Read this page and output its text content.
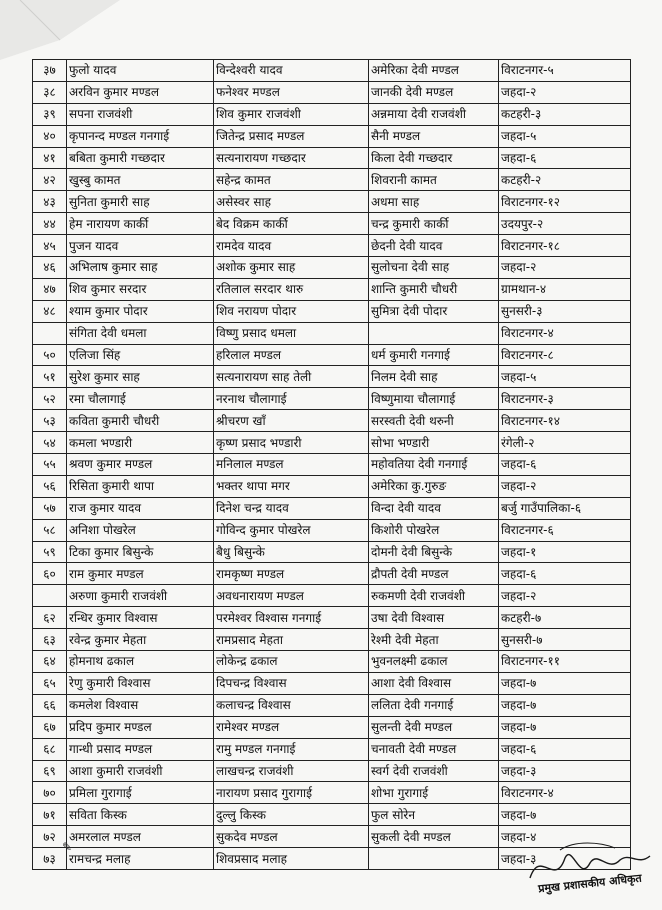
३७	फुलो यादव	विन्देश्वरी यादव	अमेरिका देवी मण्डल	विराटनगर-५
३८	अरविन कुमार मण्डल	फनेश्वर मण्डल	जानकी देवी मण्डल	जहदा-२
३९	सपना राजवंशी	शिव कुमार राजवंशी	अन्नमाया देवी राजवंशी	कटहरी-३
४०	कृपानन्द मण्डल गनगाई	जितेन्द्र प्रसाद मण्डल	सैनी मण्डल	जहदा-५
४१	बबिता कुमारी गच्छदार	सत्यनारायण गच्छदार	किला देवी गच्छदार	जहदा-६
४२	खुस्बु कामत	सहेन्द्र कामत	शिवरानी कामत	कटहरी-२
४३	सुनिता कुमारी साह	असेस्वर साह	अधमा साह	विराटनगर-१२
४४	हेम नारायण कार्की	बेद विक्रम कार्की	चन्द्र कुमारी कार्की	उदयपुर-२
४५	पुजन यादव	रामदेव यादव	छेदनी देवी यादव	विराटनगर-१८
४६	अभिलाष कुमार साह	अशोक कुमार साह	सुलोचना देवी साह	जहदा-२
४७	शिव कुमार सरदार	रतिलाल सरदार थारु	शान्ति कुमारी चौधरी	ग्रामथान-४
४८	श्याम कुमार पोदार	शिव नरायण पोदार	सुमित्रा देवी पोदार	सुनसरी-३
	संगिता देवी धमला	विष्णु प्रसाद धमला		विराटनगर-४
५०	एलिजा सिंह	हरिलाल मण्डल	धर्म कुमारी गनगाई	विराटनगर-८
५१	सुरेश कुमार साह	सत्यनारायण साह तेली	निलम देवी साह	जहदा-५
५२	रमा चौलागाई	नरनाथ चौलागाई	विष्णुमाया चौलागाई	विराटनगर-३
५३	कविता कुमारी चौधरी	श्रीचरण खाँ	सरस्वती देवी थरुनी	विराटनगर-१४
५४	कमला भण्डारी	कृष्ण प्रसाद भण्डारी	सोभा भण्डारी	रंगेली-२
५५	श्रवण कुमार मण्डल	मनिलाल मण्डल	महोवतिया देवी गनगाई	जहदा-६
५६	रिसिता कुमारी थापा	भक्तर थापा मगर	अमेरिका कु.गुरुङ	जहदा-२
५७	राज कुमार यादव	दिनेश चन्द्र यादव	विन्दा देवी यादव	बर्जु गाउँपालिका-६
५८	अनिशा पोखरेल	गोविन्द कुमार पोखरेल	किशोरी पोखरेल	विराटनगर-६
५९	टिका कुमार बिसुन्के	बैधु बिसुन्के	दोमनी देवी बिसुन्के	जहदा-१
६०	राम कुमार मण्डल	रामकृष्ण मण्डल	द्रौपती देवी मण्डल	जहदा-६
	अरुणा कुमारी राजवंशी	अवधनारायण मण्डल	रुकमणी देवी राजवंशी	जहदा-२
६२	रन्धिर कुमार विश्वास	परमेश्वर विश्वास गनगाई	उषा देवी विश्वास	कटहरी-७
६३	रवेन्द्र कुमार मेहता	रामप्रसाद मेहता	रेश्मी देवी मेहता	सुनसरी-७
६४	होमनाथ ढकाल	लोकेन्द्र ढकाल	भुवनलक्ष्मी ढकाल	विराटनगर-११
६५	रेणु कुमारी विश्वास	दिपचन्द्र विश्वास	आशा देवी विश्वास	जहदा-७
६६	कमलेश विश्वास	कलाचन्द्र विश्वास	ललिता देवी गनगाई	जहदा-७
६७	प्रदिप कुमार मण्डल	रामेश्वर मण्डल	सुलन्ती देवी मण्डल	जहदा-७
६८	गान्धी प्रसाद मण्डल	रामु मण्डल गनगाई	चनावती देवी मण्डल	जहदा-६
६९	आशा कुमारी राजवंशी	लाखचन्द्र राजवंशी	स्वर्ग देवी राजवंशी	जहदा-३
७०	प्रमिला गुरागाई	नारायण प्रसाद गुरागाई	शोभा गुरागाई	विराटनगर-४
७१	सविता किस्क	दुल्लु किस्क	फुल सोरेन	जहदा-७
७२	अमरलाल मण्डल	सुकदेव मण्डल	सुकली देवी मण्डल	जहदा-४
७३	रामचन्द्र मलाह	शिवप्रसाद मलाह		जहदा-३
✎
प्रमुख प्रशासकीय अधिकृत
